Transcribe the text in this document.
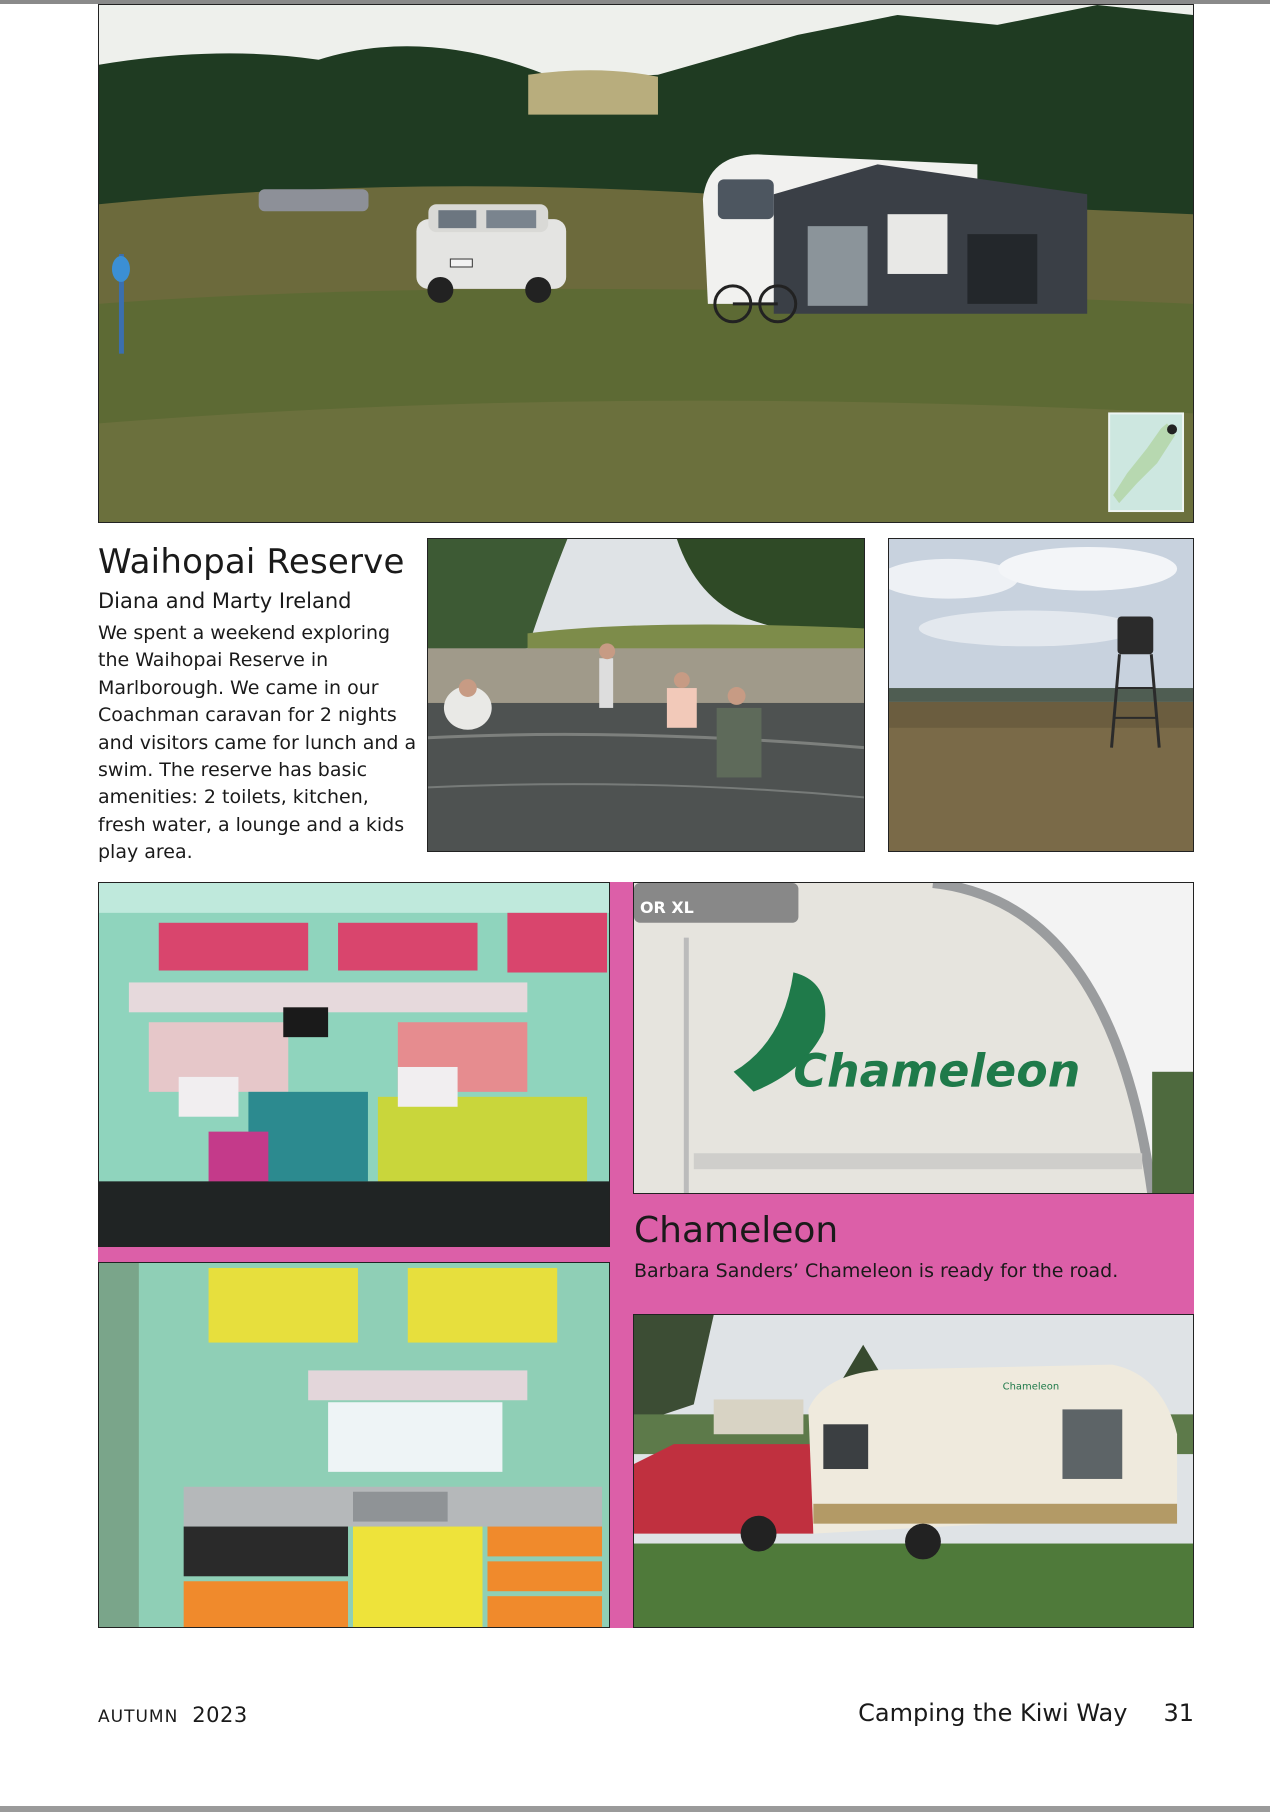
Waihopai Reserve

Diana and Marty Ireland

We spent a weekend exploring the Waihopai Reserve in Marlborough. We came in our Coachman caravan for 2 nights and visitors came for lunch and a swim. The reserve has basic amenities: 2 toilets, kitchen, fresh water, a lounge and a kids play area.

OR XL
Chameleon
Chameleon

Barbara Sanders’ Chameleon is ready for the road.

Chameleon
AUTUMN 2023	Camping the Kiwi Way 31
